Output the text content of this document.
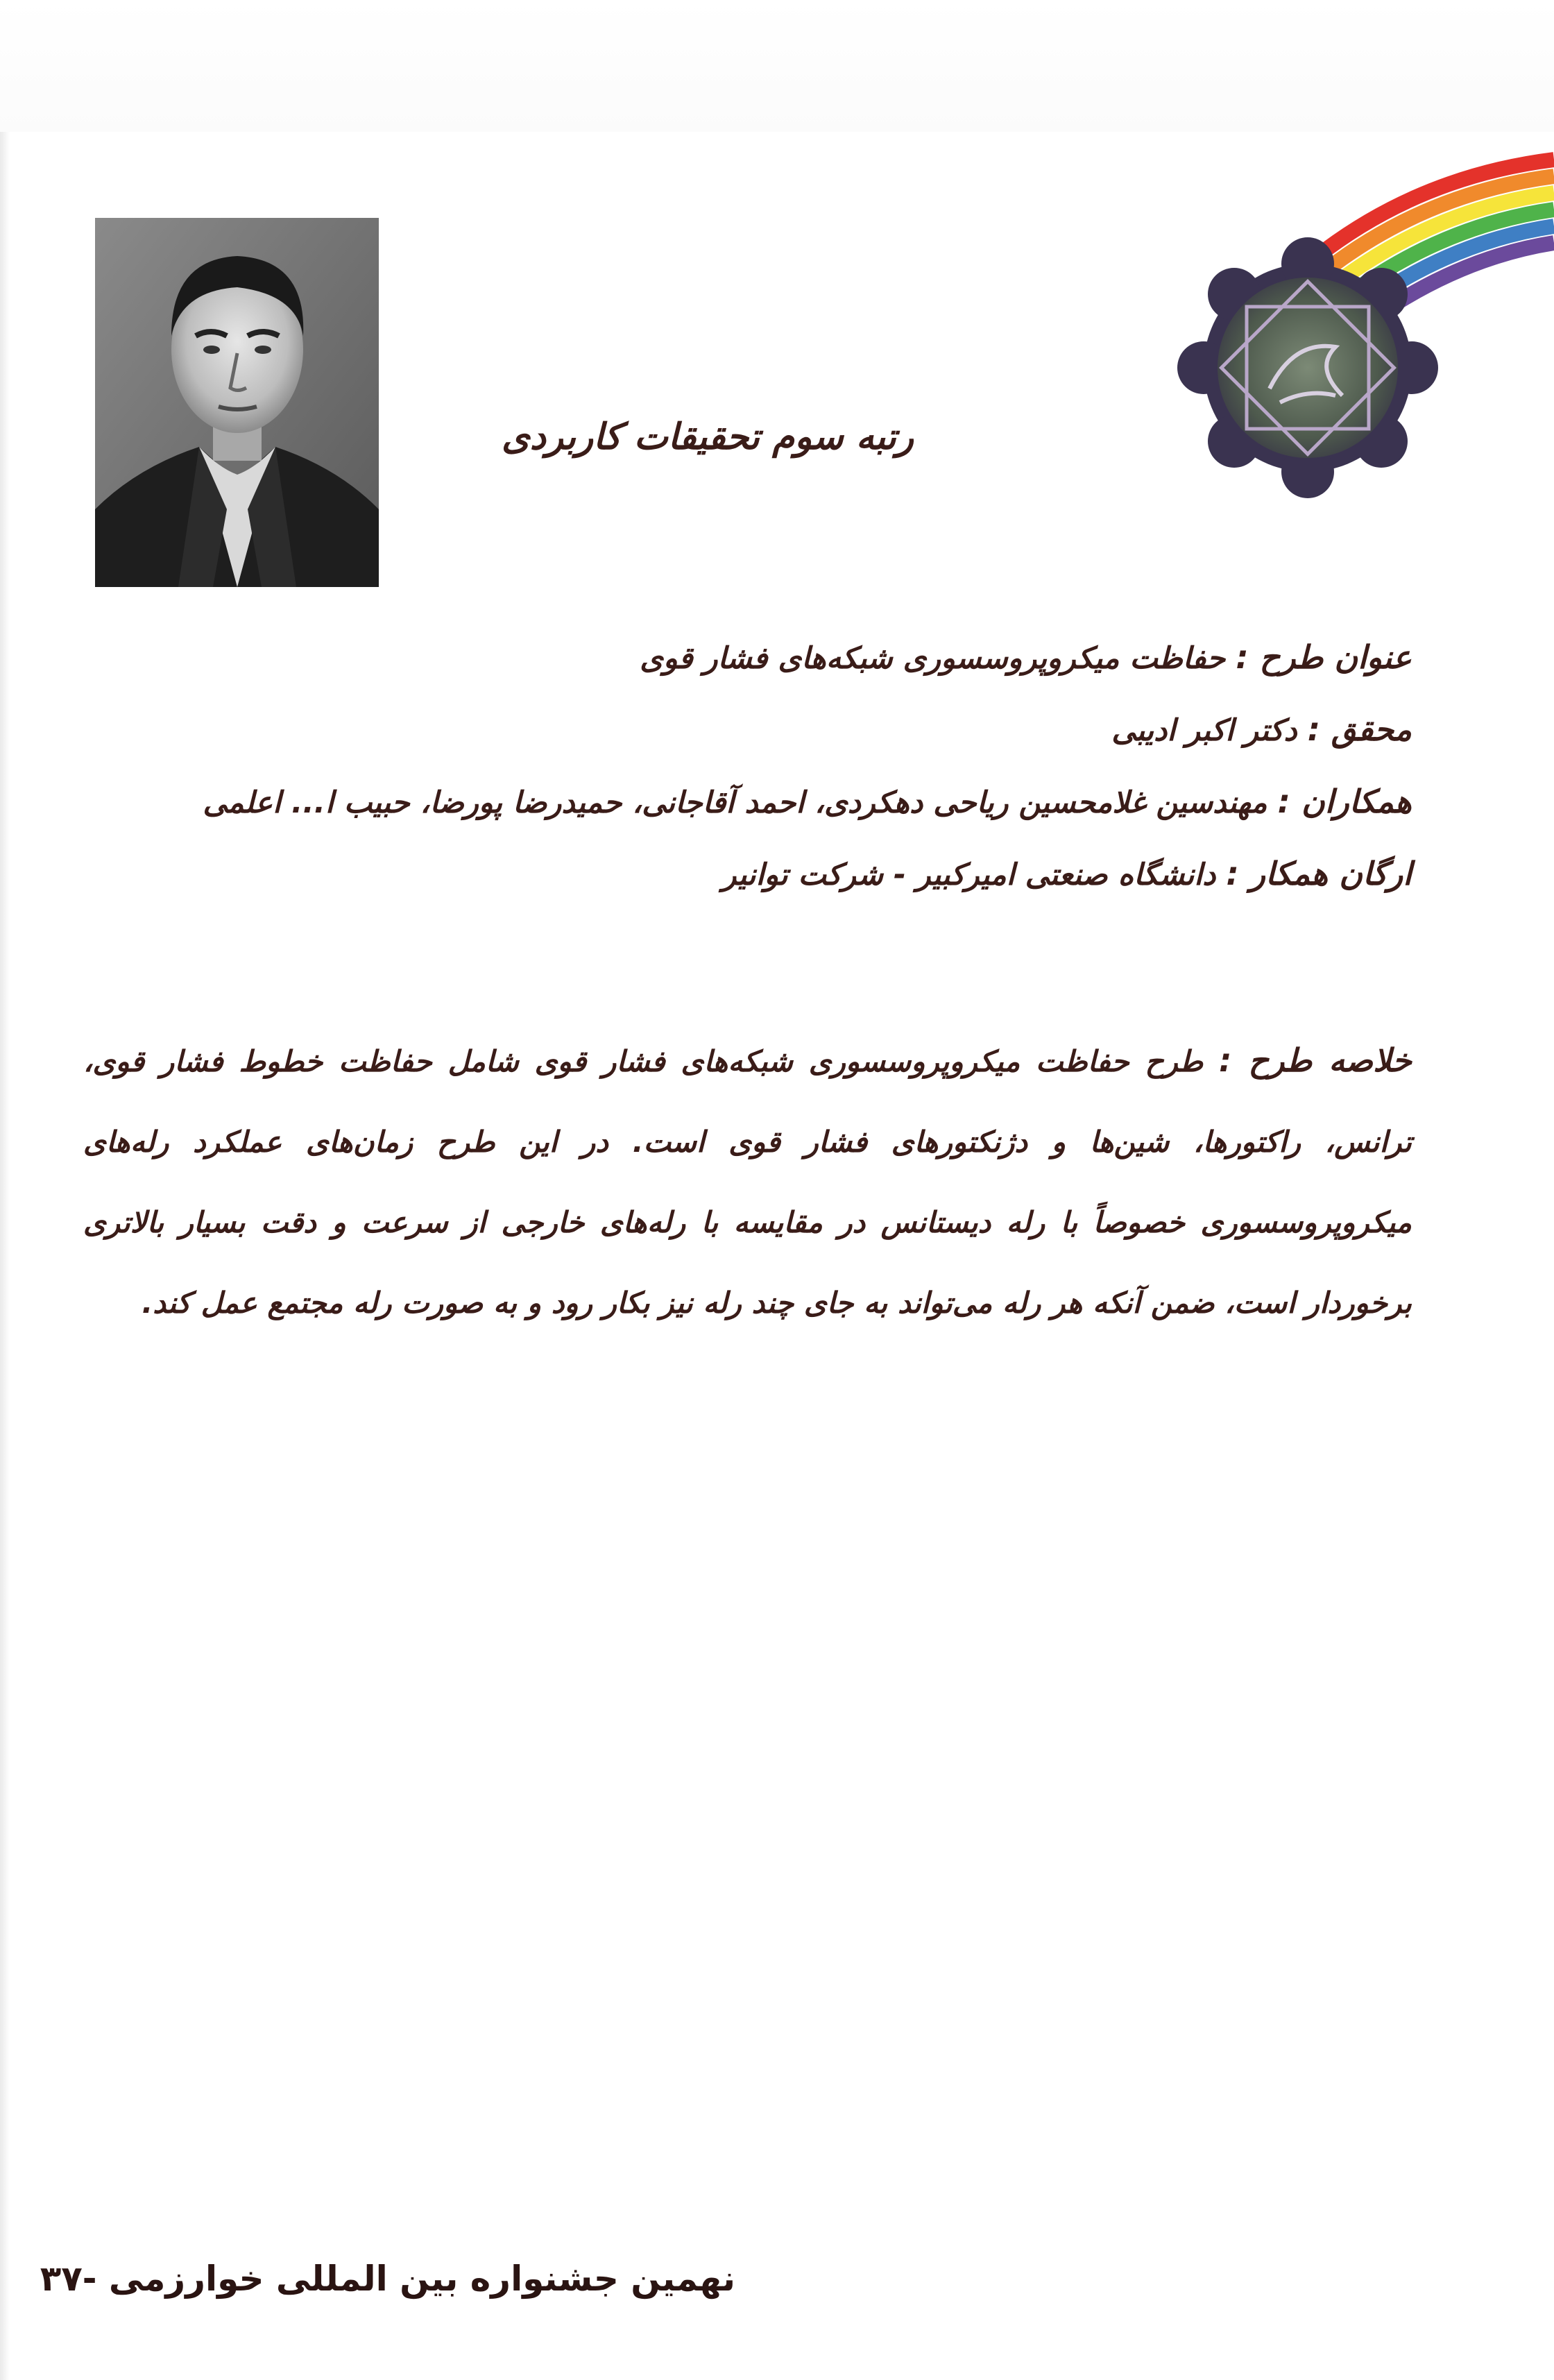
رتبه سوم تحقیقات کاربردی
عنوان طرح : حفاظت میکروپروسسوری شبکه‌های فشار قوی
محقق : دکتر اکبر ادیبی
همکاران : مهندسین غلامحسین ریاحی دهکردی، احمد آقاجانی، حمیدرضا پورضا، حبیب ا... اعلمی
ارگان همکار : دانشگاه صنعتی امیرکبیر - شرکت توانیر

خلاصه طرح : طرح حفاظت میکروپروسسوری شبکه‌های فشار قوی شامل حفاظت خطوط فشار قوی، ترانس، راکتورها، شین‌ها و دژنکتورهای فشار قوی است. در این طرح زمان‌های عملکرد رله‌های میکروپروسسوری خصوصاً با رله دیستانس در مقایسه با رله‌های خارجی از سرعت و دقت بسیار بالاتری برخوردار است، ضمن آنکه هر رله می‌تواند به جای چند رله نیز بکار رود و به صورت رله مجتمع عمل کند.

نهمین جشنواره بین المللی خوارزمی -۳۷
